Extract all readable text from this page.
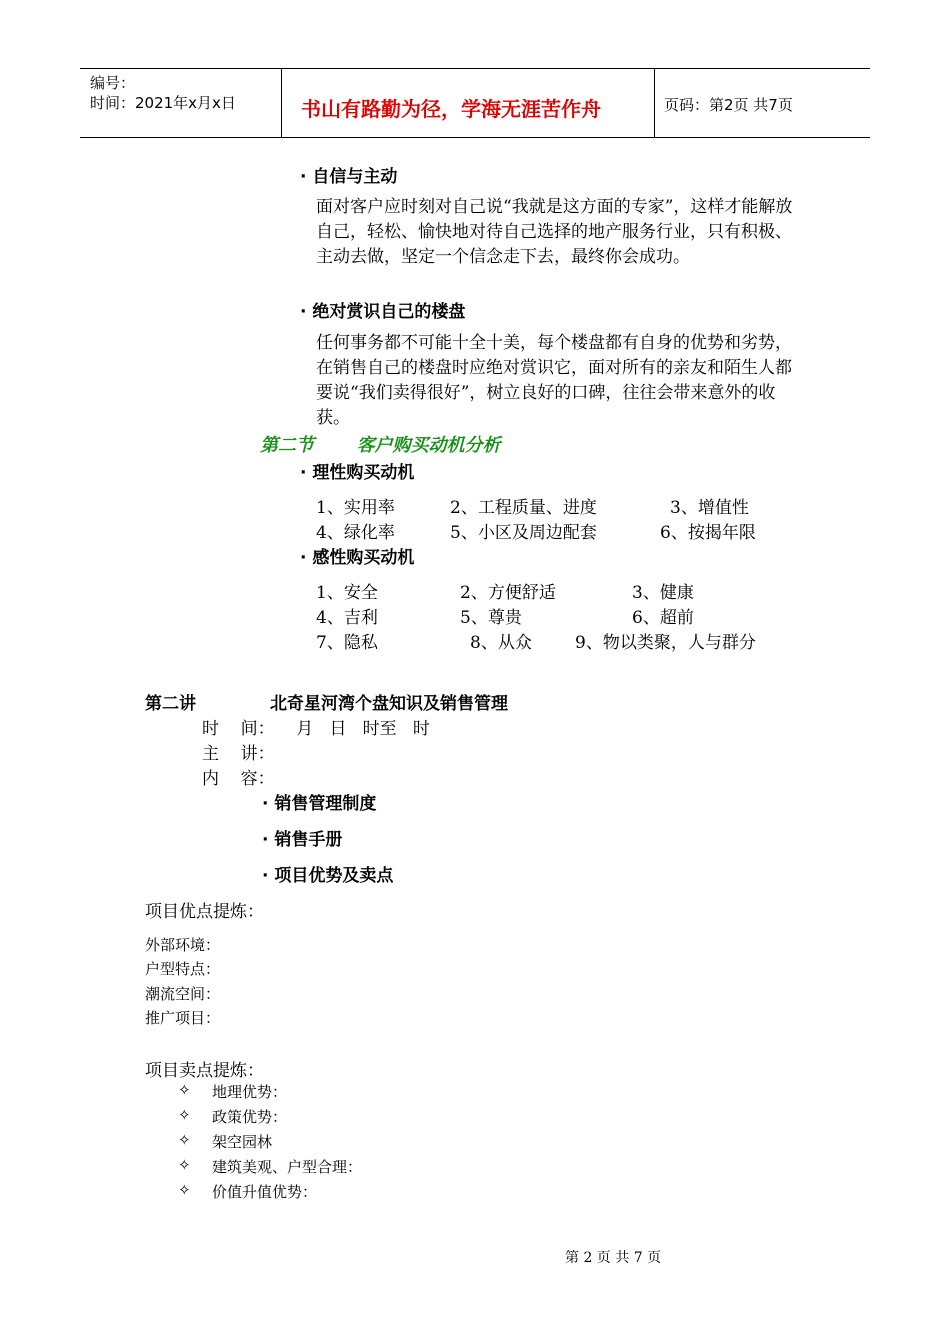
编号：
时间：2021年x月x日	书山有路勤为径，学海无涯苦作舟	页码：第2页 共7页
· 自信与主动
面对客户应时刻对自己说“我就是这方面的专家”，这样才能解放自己，轻松、愉快地对待自己选择的地产服务行业，只有积极、主动去做，坚定一个信念走下去，最终你会成功。
· 绝对赏识自己的楼盘
任何事务都不可能十全十美，每个楼盘都有自身的优势和劣势，在销售自己的楼盘时应绝对赏识它，面对所有的亲友和陌生人都要说“我们卖得很好”，树立良好的口碑，往往会带来意外的收获。
第二节 客户购买动机分析
· 理性购买动机
1、实用率	2、工程质量、进度	3、增值性
4、绿化率	5、小区及周边配套	6、按揭年限
· 感性购买动机
1、安全	2、方便舒适	3、健康
4、吉利	5、尊贵	6、超前
7、隐私	8、从众	9、物以类聚，人与群分
第二讲	北奇星河湾个盘知识及销售管理
时    间：    月   日   时至   时
主    讲：
内    容：
· 销售管理制度
· 销售手册
· 项目优势及卖点
项目优点提炼：
外部环境：
户型特点：
潮流空间：
推广项目：
项目卖点提炼：
✧ 地理优势：
✧ 政策优势：
✧ 架空园林
✧ 建筑美观、户型合理：
✧ 价值升值优势：
第 2 页 共 7 页
